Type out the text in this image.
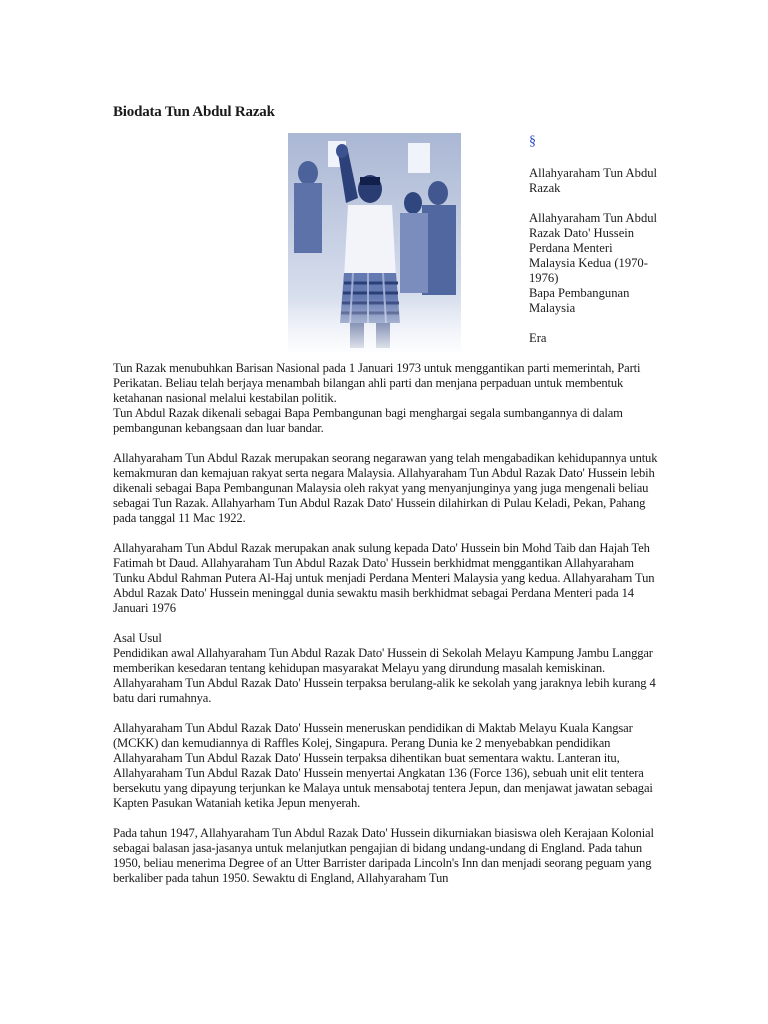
Biodata Tun Abdul Razak
§

Allahyaraham Tun Abdul Razak

Allahyaraham Tun Abdul Razak Dato' Hussein

Perdana Menteri Malaysia Kedua (1970-1976)

Bapa Pembangunan Malaysia

Era

Tun Razak menubuhkan Barisan Nasional pada 1 Januari 1973 untuk menggantikan parti memerintah, Parti Perikatan. Beliau telah berjaya menambah bilangan ahli parti dan menjana perpaduan untuk membentuk ketahanan nasional melalui kestabilan politik.

Tun Abdul Razak dikenali sebagai Bapa Pembangunan bagi menghargai segala sumbangannya di dalam pembangunan kebangsaan dan luar bandar.

Allahyaraham Tun Abdul Razak merupakan seorang negarawan yang telah mengabadikan kehidupannya untuk kemakmuran dan kemajuan rakyat serta negara Malaysia. Allahyaraham Tun Abdul Razak Dato' Hussein lebih dikenali sebagai Bapa Pembangunan Malaysia oleh rakyat yang menyanjunginya yang juga mengenali beliau sebagai Tun Razak. Allahyarham Tun Abdul Razak Dato' Hussein dilahirkan di Pulau Keladi, Pekan, Pahang pada tanggal 11 Mac 1922.

Allahyaraham Tun Abdul Razak merupakan anak sulung kepada Dato' Hussein bin Mohd Taib dan Hajah Teh Fatimah bt Daud. Allahyaraham Tun Abdul Razak Dato' Hussein berkhidmat menggantikan Allahyaraham Tunku Abdul Rahman Putera Al-Haj untuk menjadi Perdana Menteri Malaysia yang kedua. Allahyaraham Tun Abdul Razak Dato' Hussein meninggal dunia sewaktu masih berkhidmat sebagai Perdana Menteri pada 14 Januari 1976

Asal Usul

Pendidikan awal Allahyaraham Tun Abdul Razak Dato' Hussein di Sekolah Melayu Kampung Jambu Langgar memberikan kesedaran tentang kehidupan masyarakat Melayu yang dirundung masalah kemiskinan. Allahyaraham Tun Abdul Razak Dato' Hussein terpaksa berulang-alik ke sekolah yang jaraknya lebih kurang 4 batu dari rumahnya.

Allahyaraham Tun Abdul Razak Dato' Hussein meneruskan pendidikan di Maktab Melayu Kuala Kangsar (MCKK) dan kemudiannya di Raffles Kolej, Singapura. Perang Dunia ke 2 menyebabkan pendidikan Allahyaraham Tun Abdul Razak Dato' Hussein terpaksa dihentikan buat sementara waktu. Lanteran itu, Allahyaraham Tun Abdul Razak Dato' Hussein menyertai Angkatan 136 (Force 136), sebuah unit elit tentera bersekutu yang dipayung terjunkan ke Malaya untuk mensabotaj tentera Jepun, dan menjawat jawatan sebagai Kapten Pasukan Wataniah ketika Jepun menyerah.

Pada tahun 1947, Allahyaraham Tun Abdul Razak Dato' Hussein dikurniakan biasiswa oleh Kerajaan Kolonial sebagai balasan jasa-jasanya untuk melanjutkan pengajian di bidang undang-undang di England. Pada tahun 1950, beliau menerima Degree of an Utter Barrister daripada Lincoln's Inn dan menjadi seorang peguam yang berkaliber pada tahun 1950. Sewaktu di England, Allahyaraham Tun
